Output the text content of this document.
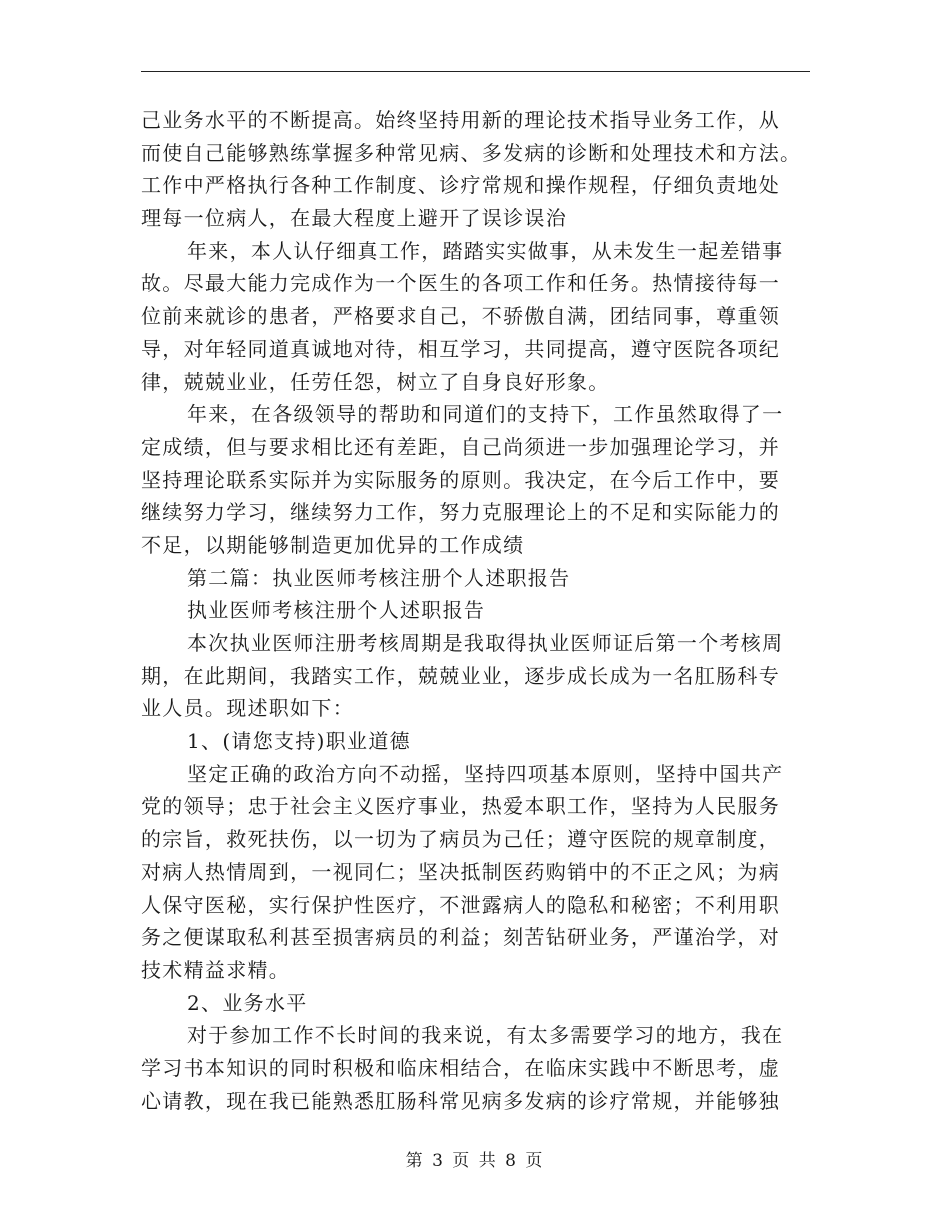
己业务水平的不断提高。始终坚持用新的理论技术指导业务工作，从
而使自己能够熟练掌握多种常见病、多发病的诊断和处理技术和方法。
工作中严格执行各种工作制度、诊疗常规和操作规程，仔细负责地处
理每一位病人，在最大程度上避开了误诊误治
年来，本人认仔细真工作，踏踏实实做事，从未发生一起差错事
故。尽最大能力完成作为一个医生的各项工作和任务。热情接待每一
位前来就诊的患者，严格要求自己，不骄傲自满，团结同事，尊重领
导，对年轻同道真诚地对待，相互学习，共同提高，遵守医院各项纪
律，兢兢业业，任劳任怨，树立了自身良好形象。
年来，在各级领导的帮助和同道们的支持下，工作虽然取得了一
定成绩，但与要求相比还有差距，自己尚须进一步加强理论学习，并
坚持理论联系实际并为实际服务的原则。我决定，在今后工作中，要
继续努力学习，继续努力工作，努力克服理论上的不足和实际能力的
不足，以期能够制造更加优异的工作成绩
第二篇：执业医师考核注册个人述职报告
执业医师考核注册个人述职报告
本次执业医师注册考核周期是我取得执业医师证后第一个考核周
期，在此期间，我踏实工作，兢兢业业，逐步成长成为一名肛肠科专
业人员。现述职如下：
1、(请您支持)职业道德
坚定正确的政治方向不动摇，坚持四项基本原则，坚持中国共产
党的领导；忠于社会主义医疗事业，热爱本职工作，坚持为人民服务
的宗旨，救死扶伤，以一切为了病员为己任；遵守医院的规章制度，
对病人热情周到，一视同仁；坚决抵制医药购销中的不正之风；为病
人保守医秘，实行保护性医疗，不泄露病人的隐私和秘密；不利用职
务之便谋取私利甚至损害病员的利益；刻苦钻研业务，严谨治学，对
技术精益求精。
2、业务水平
对于参加工作不长时间的我来说，有太多需要学习的地方，我在
学习书本知识的同时积极和临床相结合，在临床实践中不断思考，虚
心请教，现在我已能熟悉肛肠科常见病多发病的诊疗常规，并能够独
第 3 页 共 8 页
